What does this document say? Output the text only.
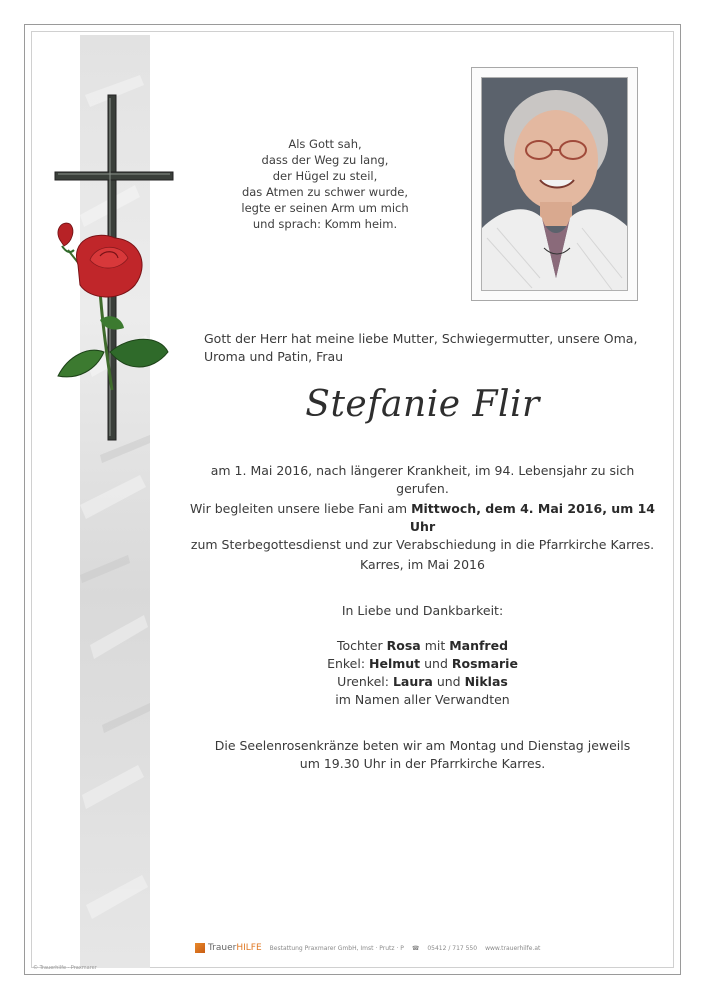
Als Gott sah,
dass der Weg zu lang,
der Hügel zu steil,
das Atmen zu schwer wurde,
legte er seinen Arm um mich
und sprach: Komm heim.
Gott der Herr hat meine liebe Mutter, Schwiegermutter, unsere Oma, Uroma und Patin, Frau
Stefanie Flir
am 1. Mai 2016, nach längerer Krankheit, im 94. Lebensjahr zu sich gerufen.
Wir begleiten unsere liebe Fani am Mittwoch, dem 4. Mai 2016, um 14 Uhr
zum Sterbegottesdienst und zur Verabschiedung in die Pfarrkirche Karres.
Karres, im Mai 2016
In Liebe und Dankbarkeit:
Tochter Rosa mit Manfred
Enkel: Helmut und Rosmarie
Urenkel: Laura und Niklas
im Namen aller Verwandten
Die Seelenrosenkränze beten wir am Montag und Dienstag jeweils
um 19.30 Uhr in der Pfarrkirche Karres.
TrauerHILFE Bestattung Praxmarer GmbH, Imst · Prutz · P ☎ 05412 / 717 550 www.trauerhilfe.at
© Trauerhilfe · Praxmarer
